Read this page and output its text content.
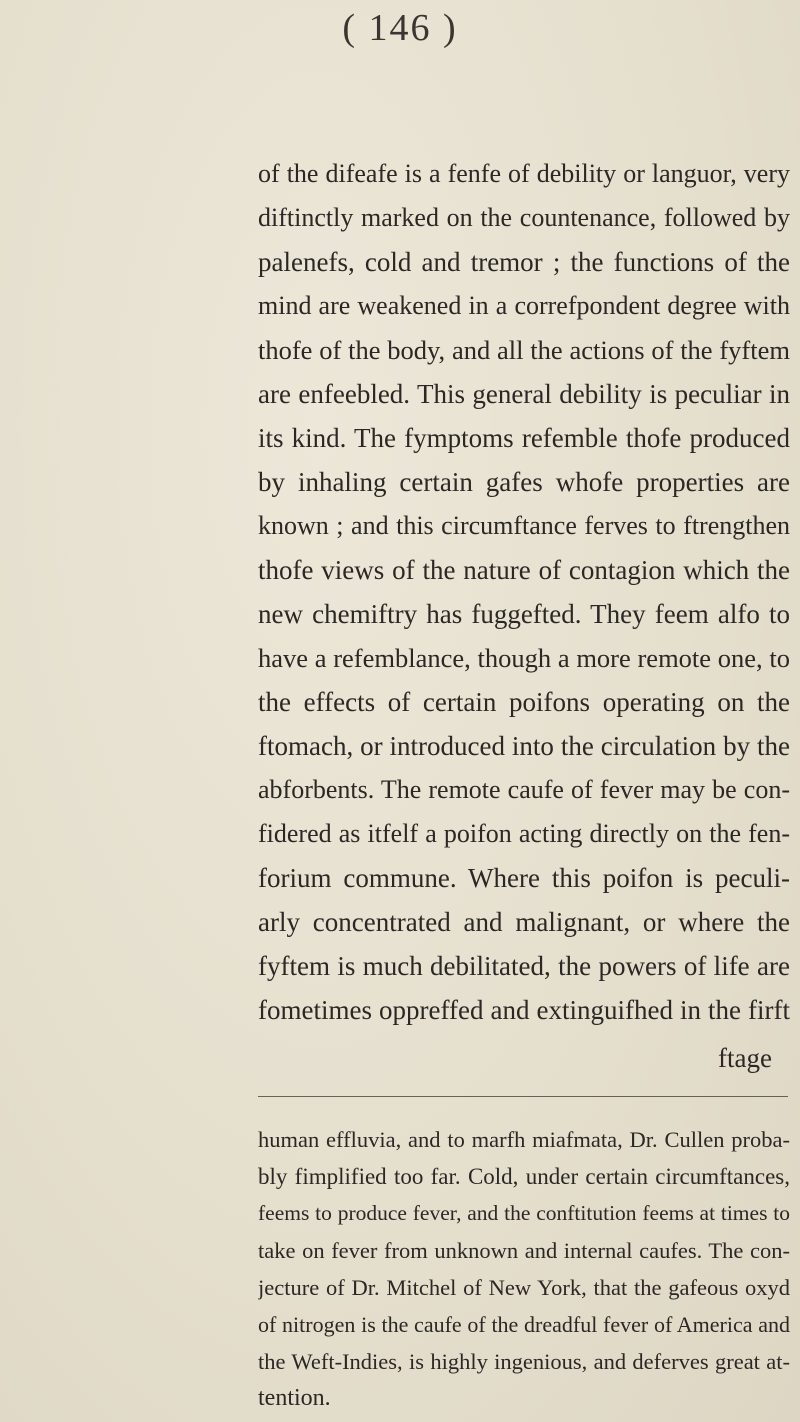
( 146 )
of the difeafe is a fenfe of debility or languor, very
diftinctly marked on the countenance, followed by
palenefs, cold and tremor ; the functions of the
mind are weakened in a correfpondent degree with
thofe of the body, and all the actions of the fyftem
are enfeebled. This general debility is peculiar in
its kind. The fymptoms refemble thofe produced
by inhaling certain gafes whofe properties are
known ; and this circumftance ferves to ftrengthen
thofe views of the nature of contagion which the
new chemiftry has fuggefted. They feem alfo to
have a refemblance, though a more remote one, to
the effects of certain poifons operating on the
ftomach, or introduced into the circulation by the
abforbents. The remote caufe of fever may be con-
fidered as itfelf a poifon acting directly on the fen-
forium commune. Where this poifon is peculi-
arly concentrated and malignant, or where the
fyftem is much debilitated, the powers of life are
fometimes oppreffed and extinguifhed in the firft
ftage
human effluvia, and to marfh miafmata, Dr. Cullen proba-
bly fimplified too far. Cold, under certain circumftances,
feems to produce fever, and the conftitution feems at times to
take on fever from unknown and internal caufes. The con-
jecture of Dr. Mitchel of New York, that the gafeous oxyd
of nitrogen is the caufe of the dreadful fever of America and
the Weft-Indies, is highly ingenious, and deferves great at-
tention.
